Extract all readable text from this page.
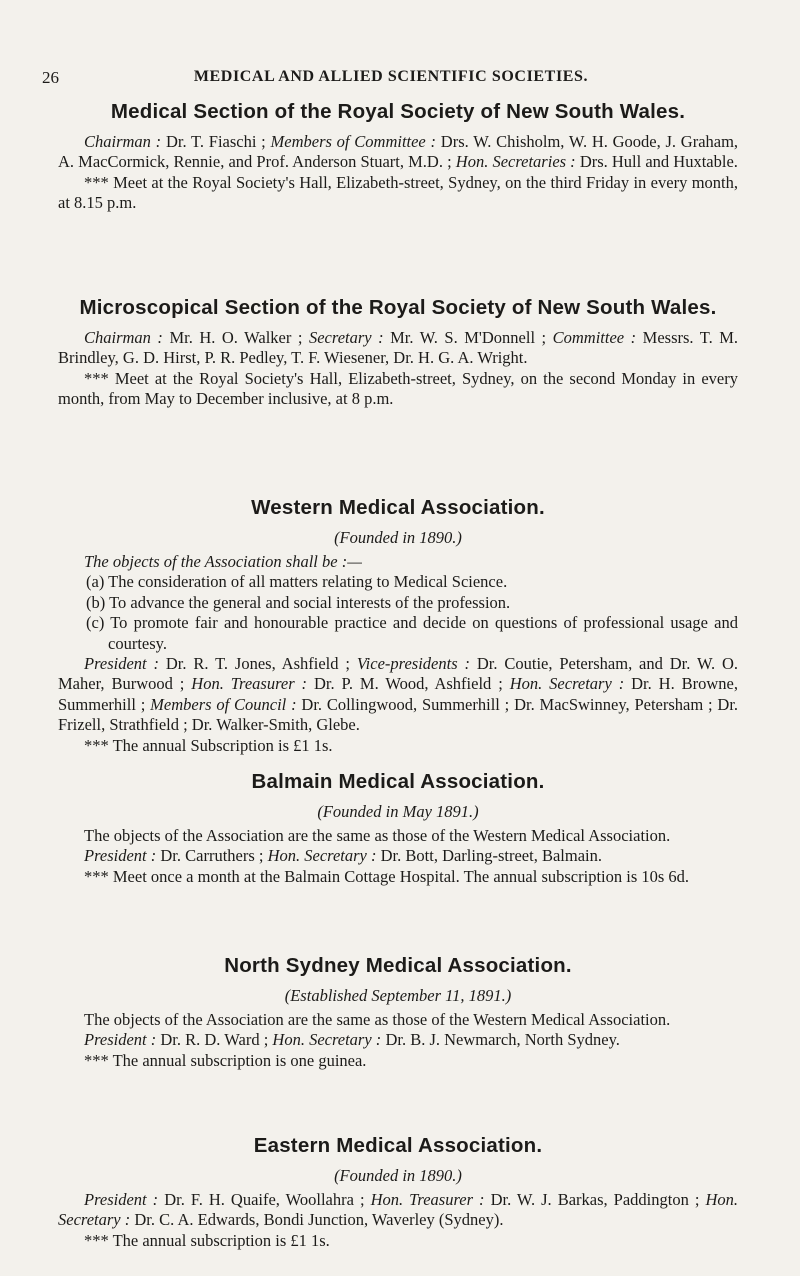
26	MEDICAL AND ALLIED SCIENTIFIC SOCIETIES.
Medical Section of the Royal Society of New South Wales.

Chairman : Dr. T. Fiaschi ; Members of Committee : Drs. W. Chisholm, W. H. Goode, J. Graham, A. MacCormick, Rennie, and Prof. Anderson Stuart, M.D. ; Hon. Secretaries : Drs. Hull and Huxtable.

*** Meet at the Royal Society's Hall, Elizabeth-street, Sydney, on the third Friday in every month, at 8.15 p.m.

Microscopical Section of the Royal Society of New South Wales.

Chairman : Mr. H. O. Walker ; Secretary : Mr. W. S. M'Donnell ; Committee : Messrs. T. M. Brindley, G. D. Hirst, P. R. Pedley, T. F. Wiesener, Dr. H. G. A. Wright.

*** Meet at the Royal Society's Hall, Elizabeth-street, Sydney, on the second Monday in every month, from May to December inclusive, at 8 p.m.

Western Medical Association.
(Founded in 1890.)

The objects of the Association shall be :—

(a) The consideration of all matters relating to Medical Science.

(b) To advance the general and social interests of the profession.

(c) To promote fair and honourable practice and decide on questions of professional usage and courtesy.

President : Dr. R. T. Jones, Ashfield ; Vice-presidents : Dr. Coutie, Petersham, and Dr. W. O. Maher, Burwood ; Hon. Treasurer : Dr. P. M. Wood, Ashfield ; Hon. Secretary : Dr. H. Browne, Summerhill ; Members of Council : Dr. Collingwood, Summerhill ; Dr. MacSwinney, Petersham ; Dr. Frizell, Strathfield ; Dr. Walker-Smith, Glebe.

*** The annual Subscription is £1 1s.

Balmain Medical Association.
(Founded in May 1891.)

The objects of the Association are the same as those of the Western Medical Association.

President : Dr. Carruthers ; Hon. Secretary : Dr. Bott, Darling-street, Balmain.

*** Meet once a month at the Balmain Cottage Hospital. The annual subscription is 10s 6d.

North Sydney Medical Association.
(Established September 11, 1891.)

The objects of the Association are the same as those of the Western Medical Association.

President : Dr. R. D. Ward ; Hon. Secretary : Dr. B. J. Newmarch, North Sydney.

*** The annual subscription is one guinea.

Eastern Medical Association.
(Founded in 1890.)

President : Dr. F. H. Quaife, Woollahra ; Hon. Treasurer : Dr. W. J. Barkas, Paddington ; Hon. Secretary : Dr. C. A. Edwards, Bondi Junction, Waverley (Sydney).

*** The annual subscription is £1 1s.
